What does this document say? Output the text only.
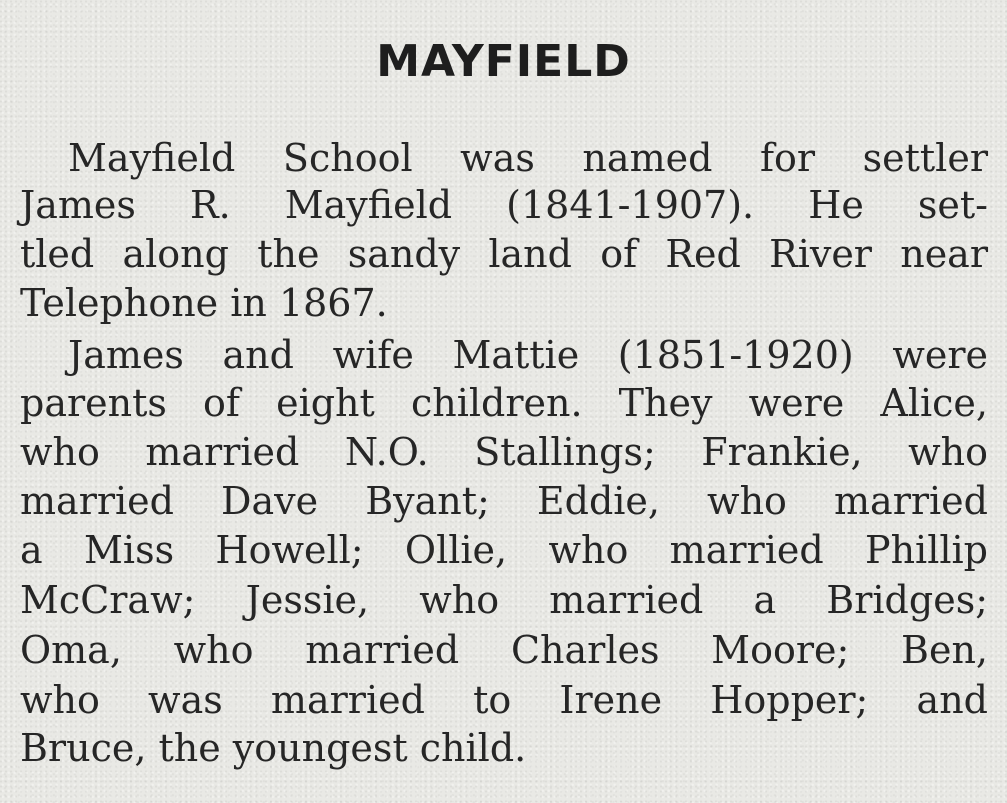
MAYFIELD

Mayfield School was named for settler

James R. Mayfield (1841-1907). He set-

tled along the sandy land of Red River near

Telephone in 1867.

James and wife Mattie (1851-1920) were

parents of eight children. They were Alice,

who married N.O. Stallings; Frankie, who

married Dave Byant; Eddie, who married

a Miss Howell; Ollie, who married Phillip

McCraw; Jessie, who married a Bridges;

Oma, who married Charles Moore; Ben,

who was married to Irene Hopper; and

Bruce, the youngest child.
